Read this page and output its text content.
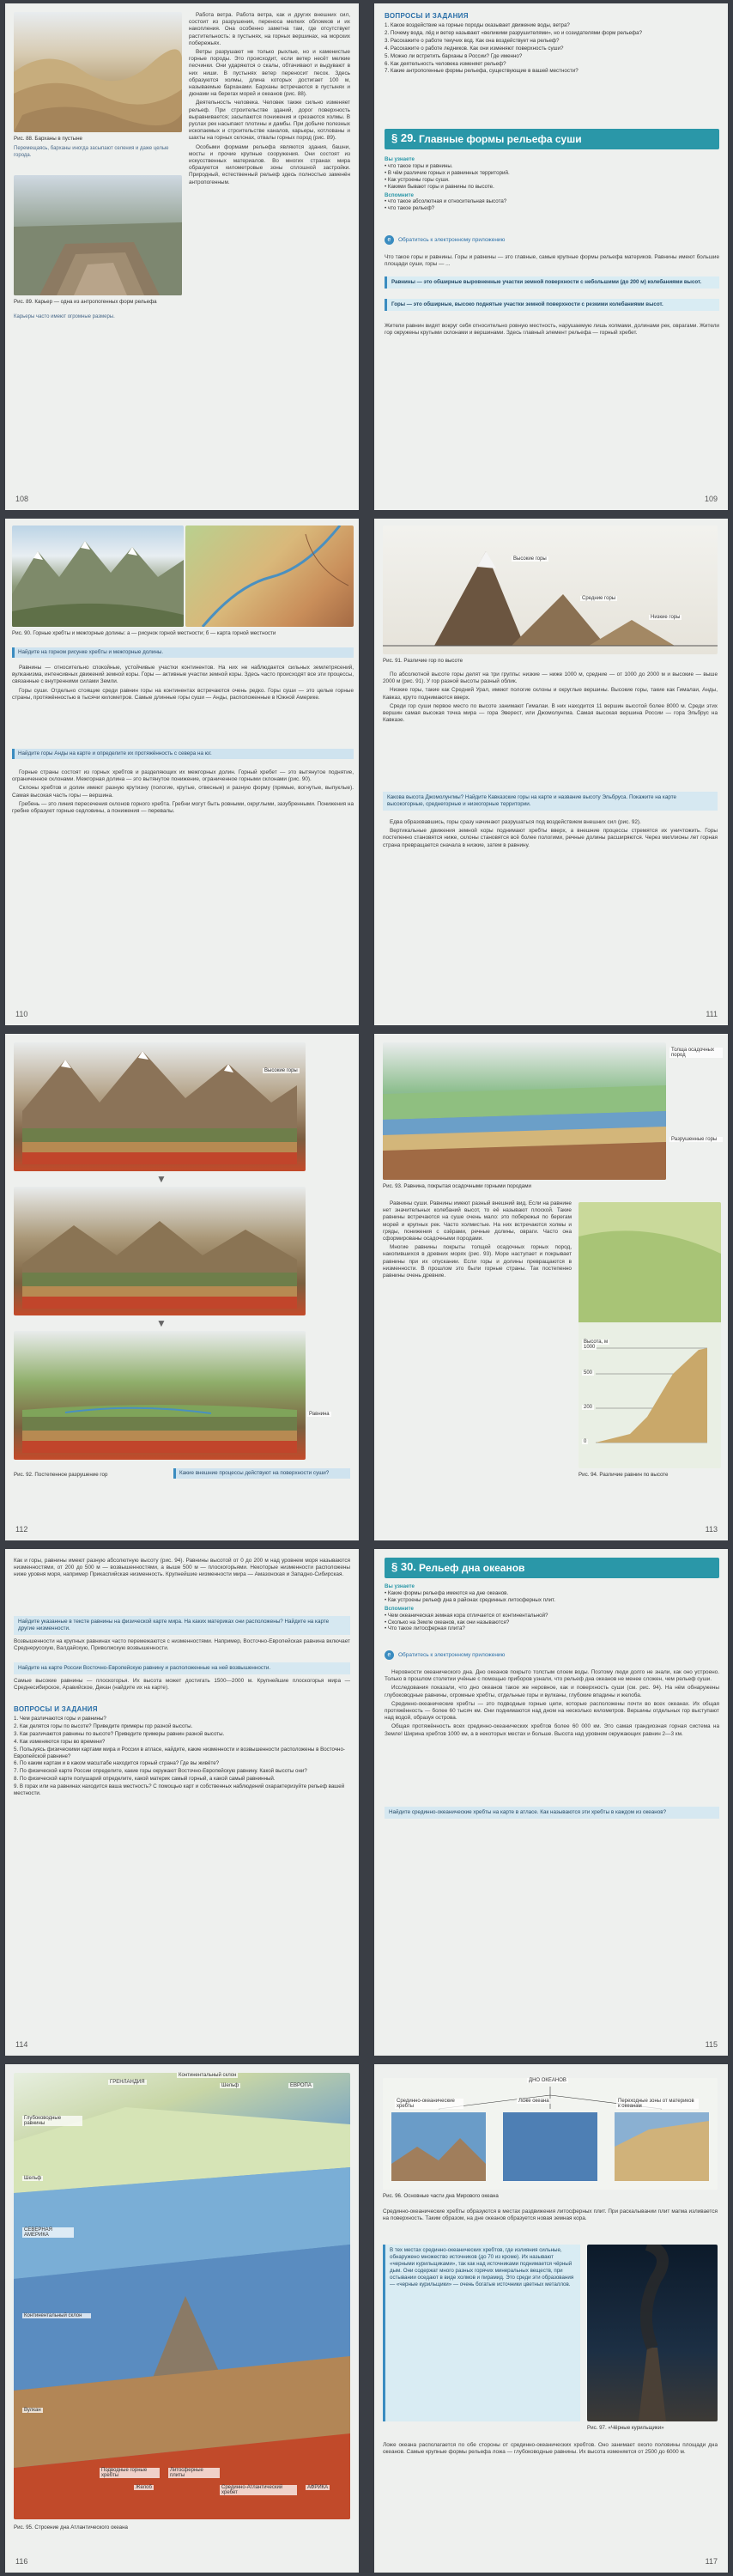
Рис. 88. Барханы в пустыне
Перемещаясь, барханы иногда засыпают селения и даже целые города.
Рис. 89. Карьер — одна из антропогенных форм рельефа
Карьеры часто имеют огромные размеры.

Работа ветра. Работа ветра, как и других внешних сил, состоит из разрушения, переноса мелких обломков и их накопления. Она особенно заметна там, где отсутствует растительность: в пустынях, на горных вершинах, на морских побережьях.

Ветры разрушают не только рыхлые, но и каменистые горные породы. Это происходит, если ветер несёт мелкие песчинки. Они ударяются о скалы, обтачивают и выдувают в них ниши. В пустынях ветер переносит песок. Здесь образуются холмы, длина которых достигает 100 м, называемые барханами. Барханы встречаются в пустынях и дюнами на берегах морей и океанов (рис. 88).

Деятельность человека. Человек также сильно изменяет рельеф. При строительстве зданий, дорог поверхность выравнивается; засыпаются понижения и срезаются холмы. В руслах рек насыпают плотины и дамбы. При добыче полезных ископаемых и строительстве каналов, карьеры, котлованы и шахты на горных склонах, отвалы горных пород (рис. 89).

Особыми формами рельефа являются здания, башни, мосты и прочие крупные сооружения. Они состоят из искусственных материалов. Во многих странах мира образуются километровые зоны сплошной застройки. Природный, естественный рельеф здесь полностью заменён антропогенным.

108
ВОПРОСЫ И ЗАДАНИЯ
1. Какое воздействие на горные породы оказывает движение воды, ветра?
2. Почему вода, лёд и ветер называют «великими разрушителями», но и созидателями форм рельефа?
3. Расскажите о работе текучих вод. Как она воздействует на рельеф?
4. Расскажите о работе ледников. Как они изменяют поверхность суши?
5. Можно ли встретить барханы в России? Где именно?
6. Как деятельность человека изменяет рельеф?
7. Какие антропогенные формы рельефа, существующие в вашей местности?
§ 29. Главные формы рельефа суши
Вы узнаете
• что такое горы и равнины.
• В чём различие горных и равнинных территорий.
• Как устроены горы суши.
• Какими бывают горы и равнины по высоте.
Вспомните
• что такое абсолютная и относительная высота?
• что такое рельеф?
e	Обратитесь к электронному приложению
Что такое горы и равнины. Горы и равнины — это главные, самые крупные формы рельефа материков. Равнины имеют большие площади суши, горы — ...
Равнины — это обширные выровненные участки земной поверхности с небольшими (до 200 м) колебаниями высот.
Горы — это обширные, высоко поднятые участки земной поверхности с резкими колебаниями высот.
Жители равнин видят вокруг себя относительно ровную местность, нарушаемую лишь холмами, долинами рек, оврагами. Жители гор окружены крутыми склонами и вершинами. Здесь главный элемент рельефа — горный хребет.
109
Рис. 90. Горные хребты и межгорные долины: а — рисунок горной местности; б — карта горной местности
Найдите на горном рисунке хребты и межгорные долины.

Равнины — относительно спокойные, устойчивые участки континентов. На них не наблюдается сильных землетрясений, вулканизма, интенсивных движений земной коры. Горы — активные участки земной коры. Здесь часто происходят все эти процессы, связанные с внутренними силами Земли.

Горы суши. Отдельно стоящие среди равнин горы на континентах встречаются очень редко. Горы суши — это целые горные страны, протяжённостью в тысячи километров. Самые длинные горы суши — Анды, расположенные в Южной Америке.

Найдите горы Анды на карте и определите их протяжённость с севера на юг.

Горные страны состоят из горных хребтов и разделяющих их межгорных долин. Горный хребет — это вытянутое поднятие, ограниченное склонами. Межгорная долина — это вытянутое понижение, ограниченное горными склонами (рис. 90).

Склоны хребтов и долин имеют разную крутизну (пологие, крутые, отвесные) и разную форму (прямые, вогнутые, выпуклые). Самая высокая часть горы — вершина.

Гребень — это линия пересечения склонов горного хребта. Гребни могут быть ровными, округлыми, зазубренными. Понижения на гребне образуют горные седловины, а понижения — перевалы.

110
Высокие горы
Средние горы
Низкие горы
Рис. 91. Различие гор по высоте

По абсолютной высоте горы делят на три группы: низкие — ниже 1000 м, средние — от 1000 до 2000 м и высокие — выше 2000 м (рис. 91). У гор разной высоты разный облик.

Низкие горы, такие как Средний Урал, имеют пологие склоны и округлые вершины. Высокие горы, такие как Гималаи, Анды, Кавказ, круто поднимаются вверх.

Среди гор суши первое место по высоте занимают Гималаи. В них находится 11 вершин высотой более 8000 м. Среди этих вершин самая высокая точка мира — гора Эверест, или Джомолунгма. Самая высокая вершина России — гора Эльбрус на Кавказе.

Какова высота Джомолунгмы? Найдите Кавказские горы на карте и название высоту Эльбруса. Покажите на карте высокогорные, среднегорные и низкогорные территории.

Едва образовавшись, горы сразу начинают разрушаться под воздействием внешних сил (рис. 92).

Вертикальные движения земной коры поднимают хребты вверх, а внешние процессы стремятся их уничтожить. Горы постепенно становятся ниже, склоны становятся всё более пологими, речные долины расширяются. Через миллионы лет горная страна превращается сначала в низкие, затем в равнину.

111
Высокие горы
▼
▼
Равнина
Рис. 92. Постепенное разрушение гор	Какие внешние процессы действуют на поверхности суши?
112
Толща осадочных пород
Разрушенные горы
Рис. 93. Равнина, покрытая осадочными горными породами

Равнины суши. Равнины имеют разный внешний вид. Если на равнине нет значительных колебаний высот, то её называют плоской. Такие равнины встречаются на суше очень мало: это побережья по берегам морей и крупных рек. Часто холмистые. На них встречаются холмы и гряды, понижения с озёрами, речные долины, овраги. Часто она сформированы осадочными породами.

Многие равнины покрыты толщей осадочных горных пород, накопившихся в древних морях (рис. 93). Море наступает и покрывает равнины при их опускании. Если горы и долины превращаются в низменности. В прошлом это были горные страны. Так постепенно равнины очень древние.

Высота, м
1000
500
200
0
Рис. 94. Различие равнин по высоте
113
Как и горы, равнины имеют разную абсолютную высоту (рис. 94). Равнины высотой от 0 до 200 м над уровнем моря называются низменностями, от 200 до 500 м — возвышенностями, а выше 500 м — плоскогорьями. Некоторые низменности расположены ниже уровня моря, например Прикаспийская низменность. Крупнейшие низменности мира — Амазонская и Западно-Сибирская.
Найдите указанные в тексте равнины на физической карте мира. На каких материках они расположены? Найдите на карте другие низменности.
Возвышенности на крупных равнинах часто перемежаются с низменностями. Например, Восточно-Европейская равнина включает Среднерусскую, Валдайскую, Приволжскую возвышенности.
Найдите на карте России Восточно-Европейскую равнину и расположенные на ней возвышенности.
Самые высокие равнины — плоскогорья. Их высота может достигать 1500—2000 м. Крупнейшие плоскогорья мира — Среднесибирское, Аравийское, Декан (найдите их на карте).
ВОПРОСЫ И ЗАДАНИЯ
1. Чем различаются горы и равнины?
2. Как делятся горы по высоте? Приведите примеры гор разной высоты.
3. Как различаются равнины по высоте? Приведите примеры равнин разной высоты.
4. Как изменяются горы во времени?
5. Пользуясь физическими картами мира и России в атласе, найдите, какие низменности и возвышенности расположены в Восточно-Европейской равнине?
6. По каким картам и в каком масштабе находится горный страна? Где вы живёте?
7. По физической карте России определите, какие горы окружают Восточно-Европейскую равнину. Какой высоты они?
8. По физической карте полушарий определите, какой материк самый горный, а какой самый равнинный.
9. В горах или на равнинах находится ваша местность? С помощью карт и собственных наблюдений охарактеризуйте рельеф вашей местности.
114
§ 30. Рельеф дна океанов
Вы узнаете
• Какие формы рельефа имеются на дне океанов.
• Как устроены рельеф дна в районах срединных литосферных плит.
Вспомните
• Чем океаническая земная кора отличается от континентальной?
• Сколько на Земле океанов, как они называются?
• Что такое литосферная плита?
e	Обратитесь к электронному приложению

Неровности океанического дна. Дно океанов покрыто толстым слоем воды. Поэтому люди долго не знали, как оно устроено. Только в прошлом столетии учёные с помощью приборов узнали, что рельеф дна океанов не менее сложен, чем рельеф суши.

Исследования показали, что дно океанов такое же неровное, как и поверхность суши (см. рис. 94). На нём обнаружены глубоководные равнины, огромные хребты, отдельные горы и вулканы, глубокие впадины и желоба.

Срединно-океанические хребты — это подводные горные цепи, которые расположены почти во всех океанах. Их общая протяжённость — более 60 тысяч км. Они поднимаются над дном на несколько километров. Вершины отдельных гор выступают над водой, образуя острова.

Общая протяжённость всех срединно-океанических хребтов более 60 000 км. Это самая грандиозная горная система на Земле! Ширина хребтов 1000 км, а в некоторых местах и больше. Высота над уровнем окружающих равнин 2—3 км.

Найдите срединно-океанические хребты на карте в атласе. Как называются эти хребты в каждом из океанов?
115
ГРЕНЛАНДИЯ
Шельф
Континентальный склон
ЕВРОПА
Глубоководные равнины
Шельф
СЕВЕРНАЯ АМЕРИКА
Континентальный склон
Вулкан
Подводные горные хребты
Литосферные плиты
Желоб	Срединно-Атлантический хребет
АФРИКА
Рис. 95. Строение дна Атлантического океана
116
ДНО ОКЕАНОВ
Срединно-океанические хребты
Ложе океана	Переходные зоны от материков к океанам
Рис. 96. Основные части дна Мирового океана
Срединно-океанические хребты образуются в местах раздвижения литосферных плит. При раскалывании плит магма изливается на поверхность. Таким образом, на дне океанов образуется новая земная кора.
В тех местах срединно-океанических хребтов, где излияния сильные, обнаружено множество источников (до 70 из кроме). Их называют «черными курильщиками», так как над источниками поднимается чёрный дым. Они содержат много разных горячих минеральных веществ, при остывании оседают в виде холмов и пирамид. Это среди эти образования — «черные курильщики» — очень богатые источники цветных металлов.
Рис. 97. «Чёрные курильщики»
Ложе океана располагается по обе стороны от срединно-океанических хребтов. Оно занимает около половины площади дна океанов. Самые крупные формы рельефа ложа — глубоководные равнины. Их высота изменяется от 2500 до 6000 м.
117
